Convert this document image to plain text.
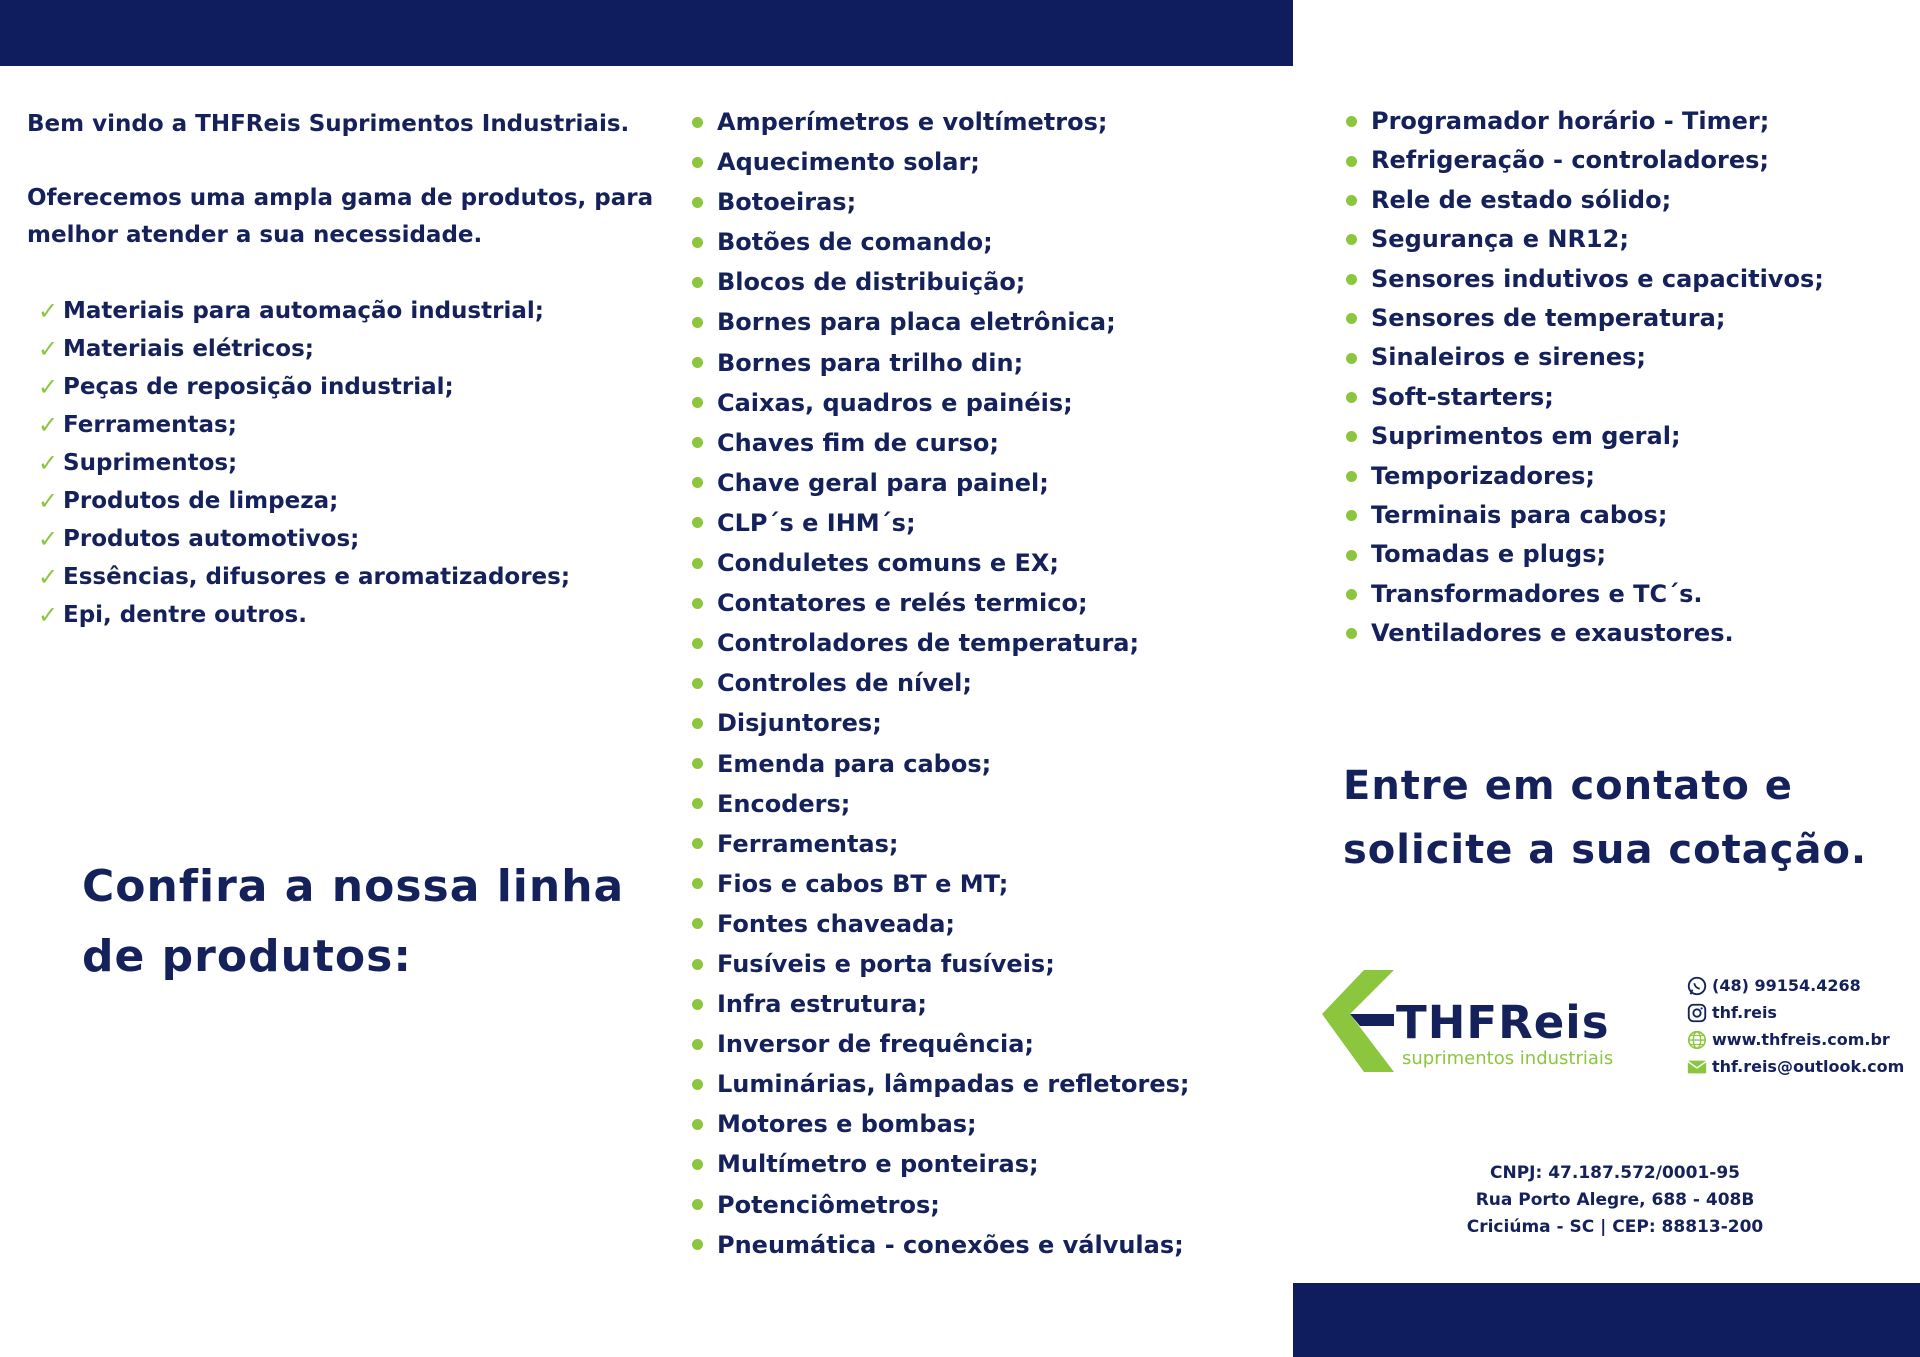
Bem vindo a THFReis Suprimentos Industriais.

Oferecemos uma ampla gama de produtos, para melhor atender a sua necessidade.

✓ Materiais para automação industrial;
✓ Materiais elétricos;
✓ Peças de reposição industrial;
✓ Ferramentas;
✓ Suprimentos;
✓ Produtos de limpeza;
✓ Produtos automotivos;
✓ Essências, difusores e aromatizadores;
✓ Epi, dentre outros.
Confira a nossa linha de produtos:
Amperímetros e voltímetros;
Aquecimento solar;
Botoeiras;
Botões de comando;
Blocos de distribuição;
Bornes para placa eletrônica;
Bornes para trilho din;
Caixas, quadros e painéis;
Chaves fim de curso;
Chave geral para painel;
CLP´s e IHM´s;
Conduletes comuns e EX;
Contatores e relés termico;
Controladores de temperatura;
Controles de nível;
Disjuntores;
Emenda para cabos;
Encoders;
Ferramentas;
Fios e cabos BT e MT;
Fontes chaveada;
Fusíveis e porta fusíveis;
Infra estrutura;
Inversor de frequência;
Luminárias, lâmpadas e refletores;
Motores e bombas;
Multímetro e ponteiras;
Potenciômetros;
Pneumática - conexões e válvulas;
Programador horário - Timer;
Refrigeração - controladores;
Rele de estado sólido;
Segurança e NR12;
Sensores indutivos e capacitivos;
Sensores de temperatura;
Sinaleiros e sirenes;
Soft-starters;
Suprimentos em geral;
Temporizadores;
Terminais para cabos;
Tomadas e plugs;
Transformadores e TC´s.
Ventiladores e exaustores.
Entre em contato e solicite a sua cotação.
THFReis
suprimentos industriais
(48) 99154.4268
thf.reis
www.thfreis.com.br
thf.reis@outlook.com
CNPJ: 47.187.572/0001-95
Rua Porto Alegre, 688 - 408B
Criciúma - SC | CEP: 88813-200
